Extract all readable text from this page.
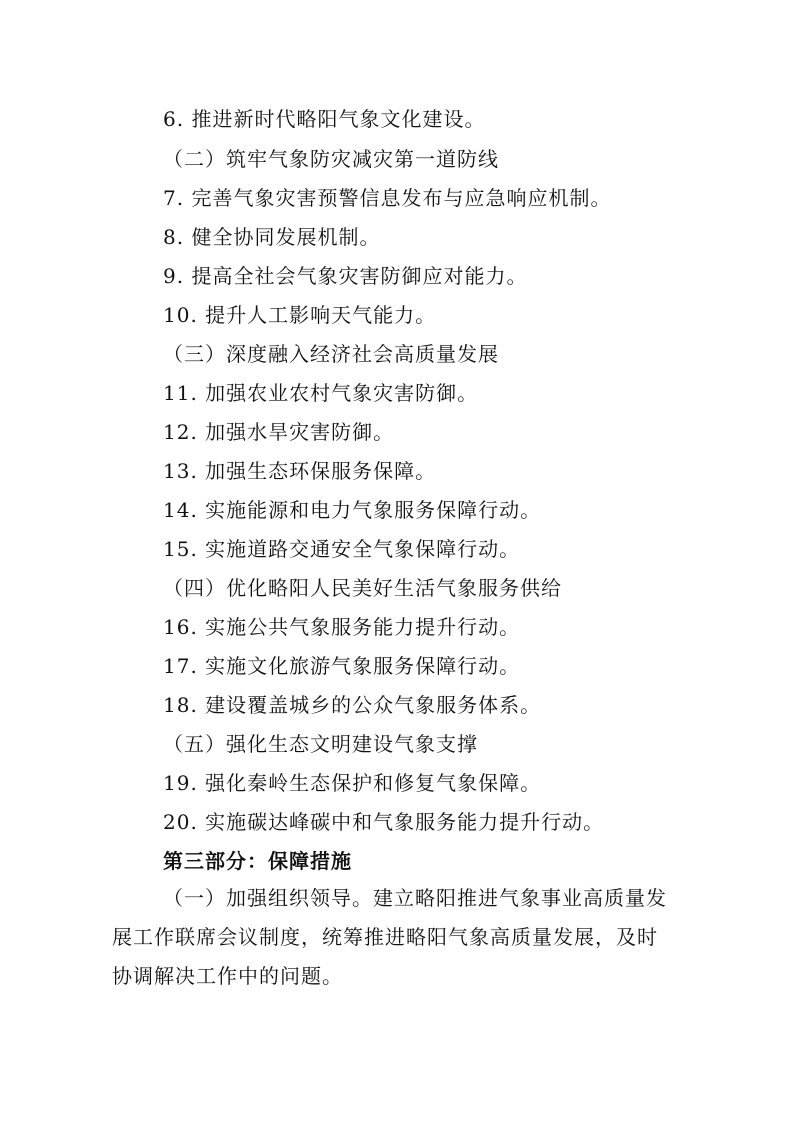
6. 推进新时代略阳气象文化建设。
（二）筑牢气象防灾减灾第一道防线
7. 完善气象灾害预警信息发布与应急响应机制。
8. 健全协同发展机制。
9. 提高全社会气象灾害防御应对能力。
10. 提升人工影响天气能力。
（三）深度融入经济社会高质量发展
11. 加强农业农村气象灾害防御。
12. 加强水旱灾害防御。
13. 加强生态环保服务保障。
14. 实施能源和电力气象服务保障行动。
15. 实施道路交通安全气象保障行动。
（四）优化略阳人民美好生活气象服务供给
16. 实施公共气象服务能力提升行动。
17. 实施文化旅游气象服务保障行动。
18. 建设覆盖城乡的公众气象服务体系。
（五）强化生态文明建设气象支撑
19. 强化秦岭生态保护和修复气象保障。
20. 实施碳达峰碳中和气象服务能力提升行动。
第三部分：保障措施
（一）加强组织领导。建立略阳推进气象事业高质量发
展工作联席会议制度，统筹推进略阳气象高质量发展，及时
协调解决工作中的问题。
